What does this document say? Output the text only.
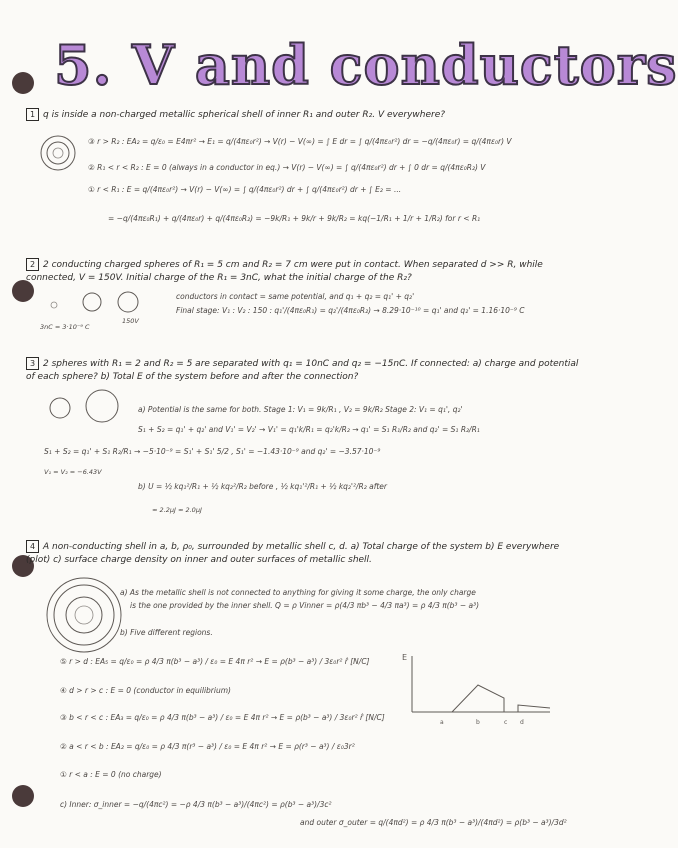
5. V and conductors
1 q is inside a non-charged metallic spherical shell of inner R₁ and outer R₂. V everywhere?
③ r > R₂ : EA₂ = q/ε₀ = E4πr² → E₁ = q/(4πε₀r²) → V(r) − V(∞) = ∫ E dr = ∫ q/(4πε₀r²) dr = −q/(4πε₀r) = q/(4πε₀r) V
② R₁ < r < R₂ : E = 0 (always in a conductor in eq.) → V(r) − V(∞) = ∫ q/(4πε₀r²) dr + ∫ 0 dr = q/(4πε₀R₂) V
① r < R₁ : E = q/(4πε₀r²) → V(r) − V(∞) = ∫ q/(4πε₀r²) dr + ∫ q/(4πε₀r²) dr + ∫ E₂ = ...
= −q/(4πε₀R₁) + q/(4πε₀r) + q/(4πε₀R₂) = −9k/R₁ + 9k/r + 9k/R₂ = kq(−1/R₁ + 1/r + 1/R₂) for r < R₁
2 2 conducting charged spheres of R₁ = 5 cm and R₂ = 7 cm were put in contact. When separated d >> R, while connected, V = 150V. Initial charge of the R₁ = 3nC, what the initial charge of the R₂?
conductors in contact = same potential, and q₁ + q₂ = q₁' + q₂'
Final stage: V₁ : V₂ : 150 : q₁'/(4πε₀R₁) = q₂'/(4πε₀R₂) → 8.29·10⁻¹⁰ = q₁' and q₂' = 1.16·10⁻⁹ C
3nC = 3·10⁻⁹ C
150V
3 2 spheres with R₁ = 2 and R₂ = 5 are separated with q₁ = 10nC and q₂ = −15nC. If connected: a) charge and potential of each sphere? b) Total E of the system before and after the connection?
a) Potential is the same for both. Stage 1: V₁ = 9k/R₁ , V₂ = 9k/R₂ Stage 2: V₁ = q₁', q₂'
S₁ + S₂ = q₁' + q₂' and V₁' = V₂' → V₁' = q₁'k/R₁ = q₂'k/R₂ → q₁' = S₁ R₁/R₂ and q₂' = S₁ R₂/R₁
S₁ + S₂ = q₁' + S₁ R₂/R₁ → −5·10⁻⁹ = S₁' + S₁' 5/2 , S₁' = −1.43·10⁻⁹ and q₂' = −3.57·10⁻⁹
V₁ = V₂ = −6.43V
b) U = ½ kq₁²/R₁ + ½ kq₂²/R₂ before , ½ kq₁'²/R₁ + ½ kq₂'²/R₂ after
≈ 2.2μJ ≈ 2.0μJ
4 A non-conducting shell in a, b, ρ₀, surrounded by metallic shell c, d. a) Total charge of the system b) E everywhere (plot) c) surface charge density on inner and outer surfaces of metallic shell.
a) As the metallic shell is not connected to anything for giving it some charge, the only charge
is the one provided by the inner shell. Q = ρ Vinner = ρ(4/3 πb³ − 4/3 πa³) = ρ 4/3 π(b³ − a³)
b) Five different regions.
⑤ r > d : EA₅ = q/ε₀ = ρ 4/3 π(b³ − a³) / ε₀ = E 4π r² → E = ρ(b³ − a³) / 3ε₀r² r̂ [N/C]
④ d > r > c : E = 0 (conductor in equilibrium)
③ b < r < c : EA₃ = q/ε₀ = ρ 4/3 π(b³ − a³) / ε₀ = E 4π r² → E = ρ(b³ − a³) / 3ε₀r² r̂ [N/C]
② a < r < b : EA₂ = q/ε₀ = ρ 4/3 π(r³ − a³) / ε₀ = E 4π r² → E = ρ(r³ − a³) / ε₀3r²
① r < a : E = 0 (no charge)
c) Inner: σ_inner = −q/(4πc²) = −ρ 4/3 π(b³ − a³)/(4πc²) = ρ(b³ − a³)/3c²
and outer σ_outer = q/(4πd²) = ρ 4/3 π(b³ − a³)/(4πd²) = ρ(b³ − a³)/3d²
E
a	b	c d
